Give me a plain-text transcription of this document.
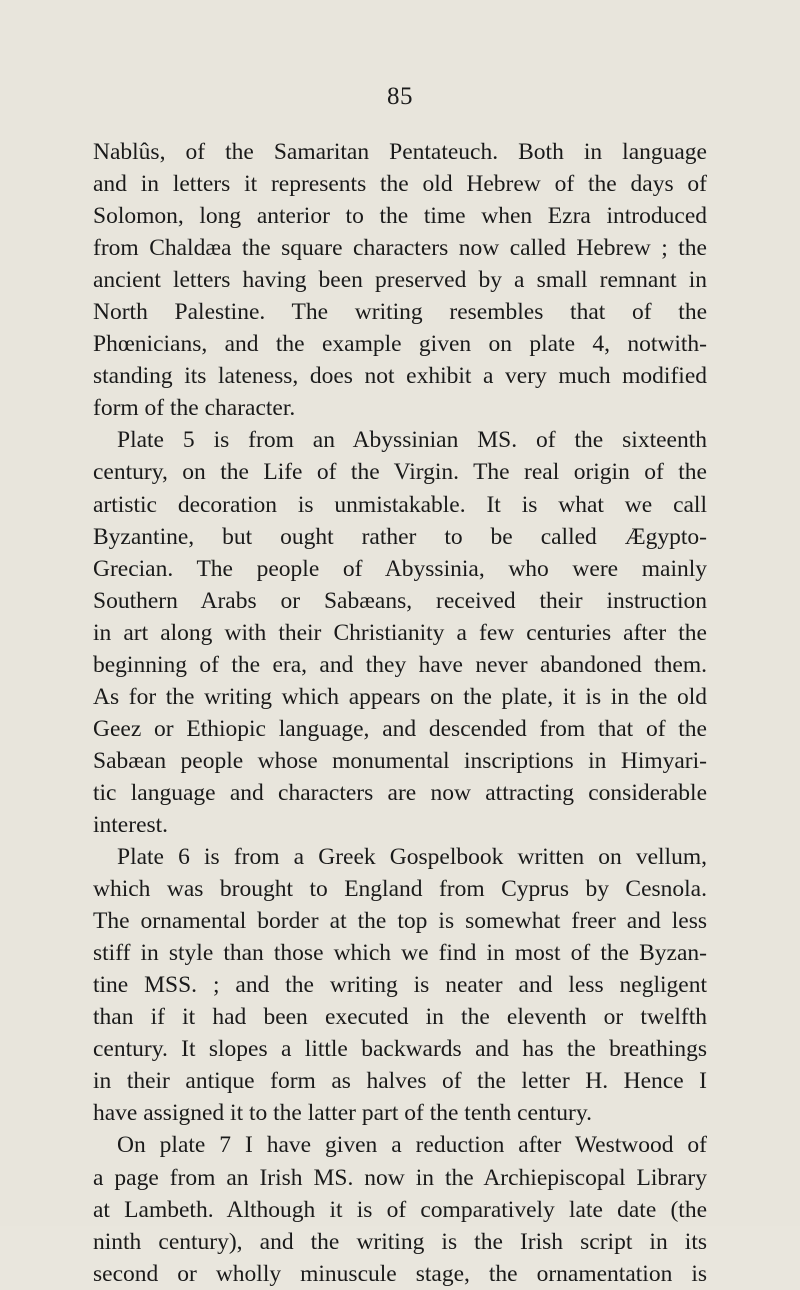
85
Nablûs, of the Samaritan Pentateuch. Both in language
and in letters it represents the old Hebrew of the days of
Solomon, long anterior to the time when Ezra introduced
from Chaldæa the square characters now called Hebrew ; the
ancient letters having been preserved by a small remnant in
North Palestine. The writing resembles that of the
Phœnicians, and the example given on plate 4, notwith-
standing its lateness, does not exhibit a very much modified
form of the character.
Plate 5 is from an Abyssinian MS. of the sixteenth
century, on the Life of the Virgin. The real origin of the
artistic decoration is unmistakable. It is what we call
Byzantine, but ought rather to be called Ægypto-
Grecian. The people of Abyssinia, who were mainly
Southern Arabs or Sabæans, received their instruction
in art along with their Christianity a few centuries after the
beginning of the era, and they have never abandoned them.
As for the writing which appears on the plate, it is in the old
Geez or Ethiopic language, and descended from that of the
Sabæan people whose monumental inscriptions in Himyari-
tic language and characters are now attracting considerable
interest.
Plate 6 is from a Greek Gospelbook written on vellum,
which was brought to England from Cyprus by Cesnola.
The ornamental border at the top is somewhat freer and less
stiff in style than those which we find in most of the Byzan-
tine MSS. ; and the writing is neater and less negligent
than if it had been executed in the eleventh or twelfth
century. It slopes a little backwards and has the breathings
in their antique form as halves of the letter H. Hence I
have assigned it to the latter part of the tenth century.
On plate 7 I have given a reduction after Westwood of
a page from an Irish MS. now in the Archiepiscopal Library
at Lambeth. Although it is of comparatively late date (the
ninth century), and the writing is the Irish script in its
second or wholly minuscule stage, the ornamentation is
